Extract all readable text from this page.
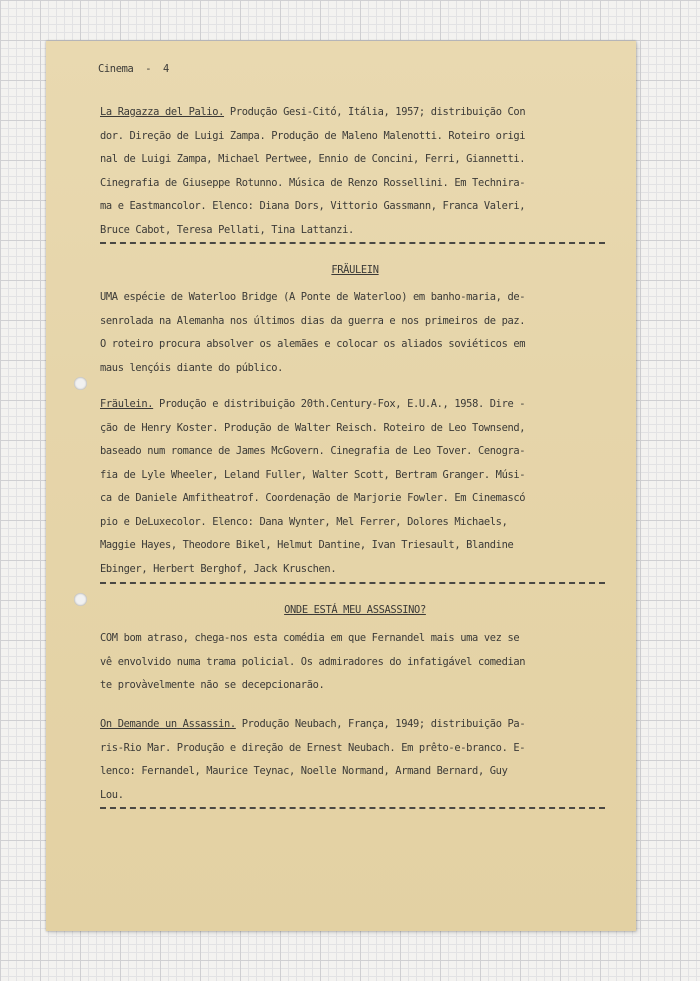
Cinema  -  4

La Ragazza del Palio. Produção Gesi-Citó, Itália, 1957; distribuição Con
dor. Direção de Luigi Zampa. Produção de Maleno Malenotti. Roteiro origi
nal de Luigi Zampa, Michael Pertwee, Ennio de Concini, Ferri, Giannetti.
Cinegrafia de Giuseppe Rotunno. Música de Renzo Rossellini. Em Technira-
ma e Eastmancolor. Elenco: Diana Dors, Vittorio Gassmann, Franca Valeri,
Bruce Cabot, Teresa Pellati, Tina Lattanzi.

FRÄULEIN

UMA espécie de Waterloo Bridge (A Ponte de Waterloo) em banho-maria, de-
senrolada na Alemanha nos últimos dias da guerra e nos primeiros de paz.
O roteiro procura absolver os alemães e colocar os aliados soviéticos em
maus lençóis diante do público.

Fräulein. Produção e distribuição 20th.Century-Fox, E.U.A., 1958. Dire -
ção de Henry Koster. Produção de Walter Reisch. Roteiro de Leo Townsend,
baseado num romance de James McGovern. Cinegrafia de Leo Tover. Cenogra-
fia de Lyle Wheeler, Leland Fuller, Walter Scott, Bertram Granger. Músi-
ca de Daniele Amfitheatrof. Coordenação de Marjorie Fowler. Em Cinemascó
pio e DeLuxecolor. Elenco: Dana Wynter, Mel Ferrer, Dolores Michaels,
Maggie Hayes, Theodore Bikel, Helmut Dantine, Ivan Triesault, Blandine
Ebinger, Herbert Berghof, Jack Kruschen.

ONDE ESTÁ MEU ASSASSINO?

COM bom atraso, chega-nos esta comédia em que Fernandel mais uma vez se
vê envolvido numa trama policial. Os admiradores do infatigável comedian
te provàvelmente não se decepcionarão.

On Demande un Assassin. Produção Neubach, França, 1949; distribuição Pa-
ris-Rio Mar. Produção e direção de Ernest Neubach. Em prêto-e-branco. E-
lenco: Fernandel, Maurice Teynac, Noelle Normand, Armand Bernard, Guy
Lou.
